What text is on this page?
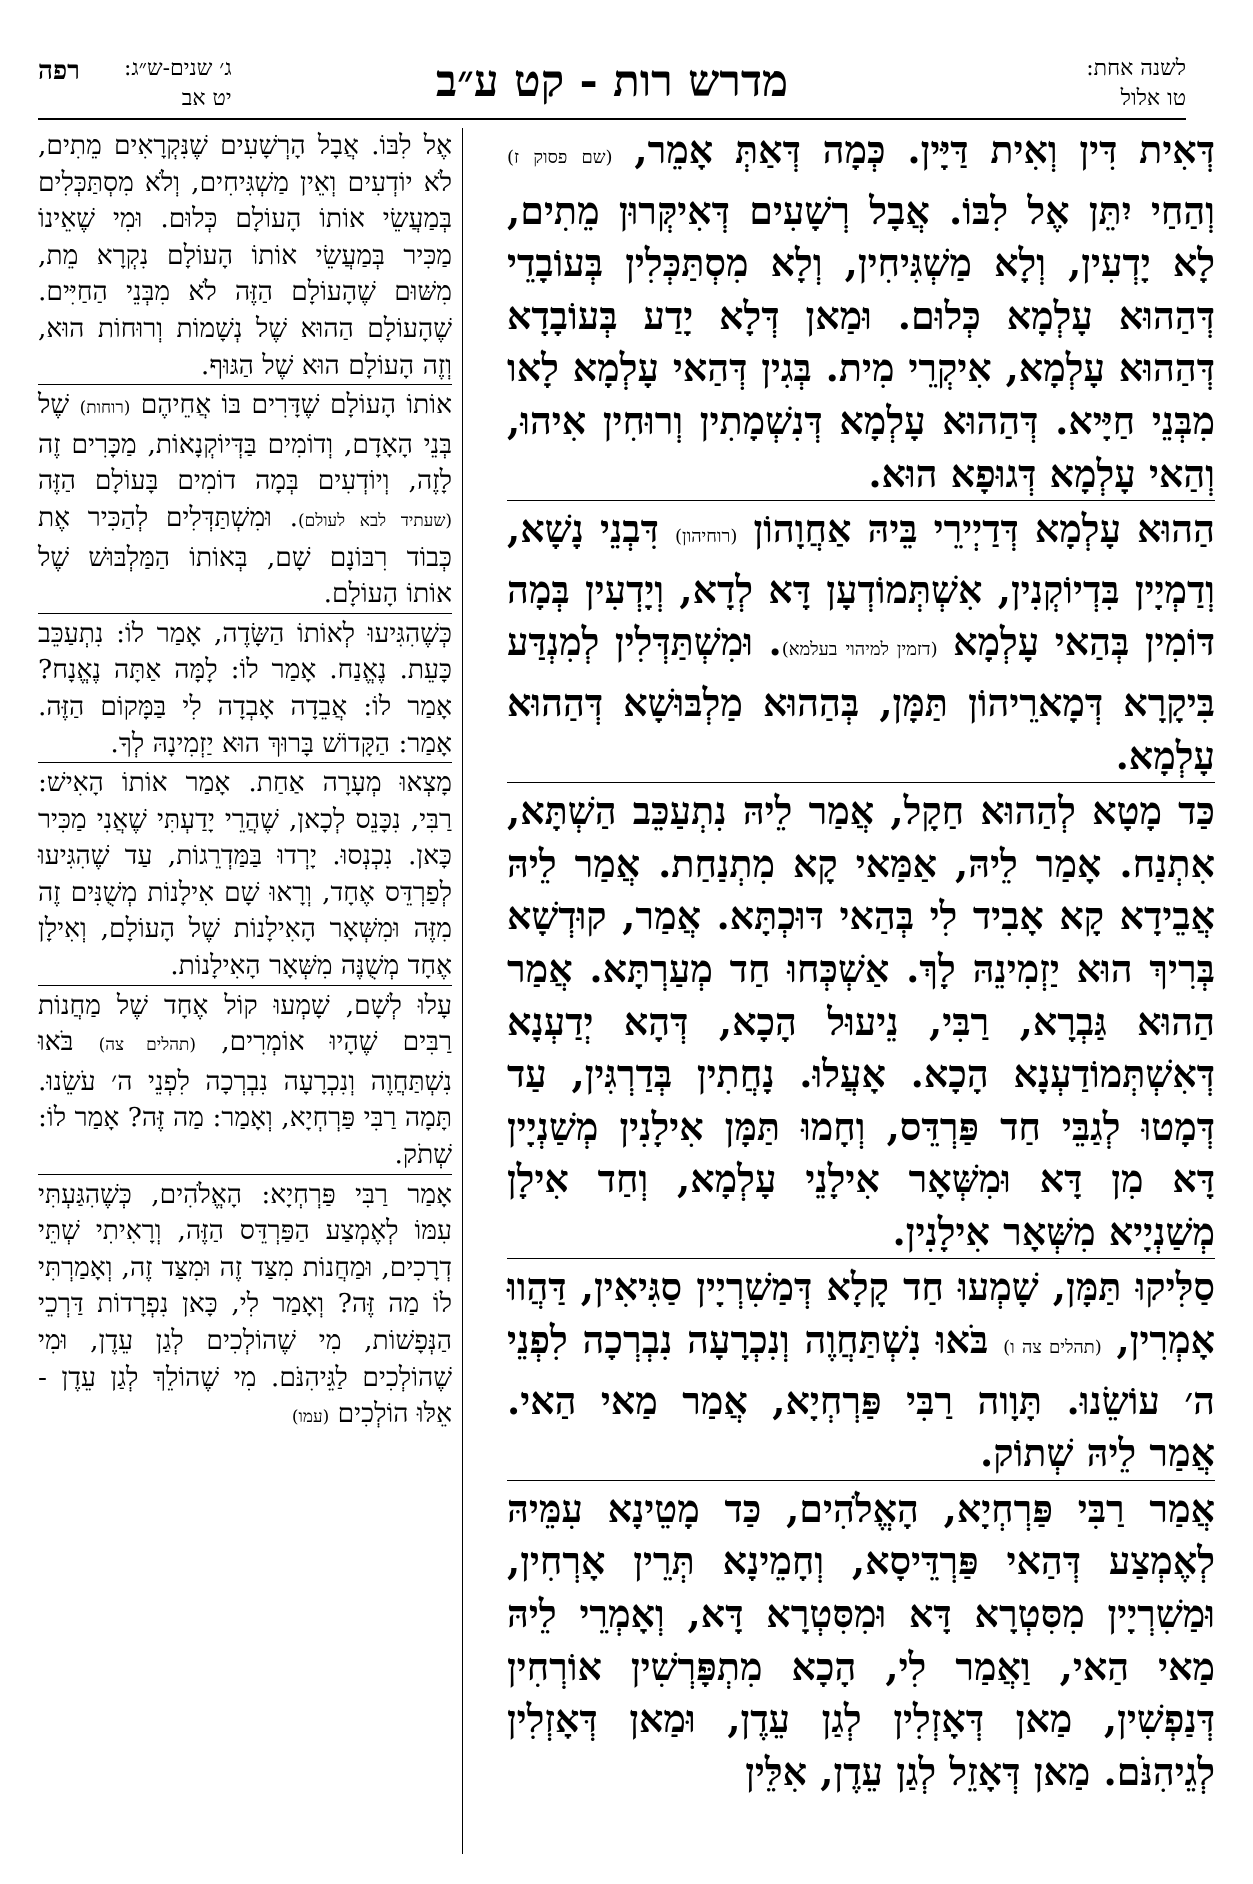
לשנה אחת:
טו אלול
מדרש רות - קט ע״ב
ג׳ שנים-ש״ג:
יט אב
רפה

דְּאִית דִּין וְאִית דַּיָּין. כְּמָה דְּאַתְּ אָמֵר, (שם פסוק ז) וְהַחַי יִתֵּן אֶל לִבּוֹ. אֲבָל רְשָׁעִים דְּאִיקְּרוּן מֵתִים, לָא יָדְעִין, וְלָא מַשְׁגִּיחִין, וְלָא מִסְתַּכְּלִין בְּעוֹבָדֵי דְּהַהוּא עָלְמָא כְּלוּם. וּמַאן דְּלָא יָדַע בְּעוֹבָדָא דְּהַהוּא עָלְמָא, אִיקְרֵי מִית. בְּגִין דְּהַאי עָלְמָא לָאו מִבְּנֵי חַיָּיא. דְּהַהוּא עָלְמָא דְּנִשְׁמָתִין וְרוּחִין אִיהוּ, וְהַאי עָלְמָא דְּגוּפָא הוּא.

הַהוּא עָלְמָא דְּדַיְירֵי בֵּיהּ אַחֲוָהוֹן (רוחיהון) דִּבְנֵי נָשָׁא, וְדַמְיָין בִּדְיוֹקְנִין, אִשְׁתְּמוֹדְעָן דָּא לְדָא, וְיָדְעִין בְּמָה דּוֹמִין בְּהַאי עָלְמָא (דזמין למיהוי בעלמא). וּמִשְׁתַּדְּלִין לְמִנְדַּע בִּיקָרָא דְּמָארֵיהוֹן תַּמָּן, בְּהַהוּא מַלְבּוּשָׁא דְּהַהוּא עָלְמָא.

כַּד מָטָא לְהַהוּא חַקָל, אֲמַר לֵיהּ נִתְעַכֵּב הַשְׁתָּא, אִתְנַח. אָמַר לֵיהּ, אַמַּאי קָא מִתְנַחַת. אֲמַר לֵיהּ אֲבֵידָא קָא אָבִיד לִי בְּהַאי דּוּכְתָּא. אֲמַר, קוּדְשָׁא בְּרִיךְ הוּא יַזְמִינֵהּ לָךְ. אַשְׁכְּחוּ חַד מְעַרְתָּא. אֲמַר הַהוּא גַּבְרָא, רַבִּי, נֵיעוּל הָכָא, דְּהָא יְדַעְנָא דְּאִשְׁתְּמוֹדַעְנָא הָכָא. אָעֲלוּ. נָחֲתִין בְּדַרְגִּין, עַד דְּמָטוּ לְגַבֵּי חַד פַּרְדֵּס, וְחָמוּ תַּמָּן אִילָנִין מְשַׁנְיָין דָּא מִן דָּא וּמִשְּׁאָר אִילָנֵי עָלְמָא, וְחַד אִילָן מְשַׁנְיָיא מִשְּׁאָר אִילָנִין.

סַלִּיקוּ תַּמָּן, שָׁמְעוּ חַד קָלָא דְּמַשִׁרְיָין סַגִּיאִין, דַּהֲווּ אָמְרִין, (תהלים צה ו) בֹּאוּ נִשְׁתַּחֲוֶה וְנִכְרָעָה נִבְרְכָה לִפְנֵי ה׳ עוֹשֵׂנוּ. תָּוָוה רַבִּי פַּרְחְיָא, אֲמַר מַאי הַאי. אֲמַר לֵיהּ שְׁתוֹק.

אֲמַר רַבִּי פַּרְחְיָא, הָאֱלֹהִים, כַּד מָטֵינָא עִמֵּיהּ לְאֶמְצַע דְּהַאי פַּרְדֵּיסָא, וְחָמֵינָא תְּרֵין אָרְחִין, וּמַשִׁרְיָין מִסִּטְרָא דָּא וּמִסִּטְרָא דָּא, וְאָמְרֵי לֵיהּ מַאי הַאי, וַאֲמַר לִי, הָכָא מִתְפָּרְשִׁין אוֹרְחִין דְּנַפְשִׁין, מַאן דְּאָזְלִין לְגַן עֵדֶן, וּמַאן דְּאָזְלִין לְגֵיהִנֹּם. מַאן דְּאָזֵל לְגַן עֵדֶן, אִלֵּין

אֶל לִבּוֹ. אֲבָל הָרְשָׁעִים שֶׁנִּקְרָאִים מֵתִים, לֹא יוֹדְעִים וְאֵין מַשְׁגִּיחִים, וְלֹא מִסְתַּכְּלִים בְּמַעֲשֵׂי אוֹתוֹ הָעוֹלָם כְּלוּם. וּמִי שֶׁאֵינוֹ מַכִּיר בְּמַעֲשֵׂי אוֹתוֹ הָעוֹלָם נִקְרָא מֵת, מִשּׁוּם שֶׁהָעוֹלָם הַזֶּה לֹא מִבְּנֵי הַחַיִּים. שֶׁהָעוֹלָם הַהוּא שֶׁל נְשָׁמוֹת וְרוּחוֹת הוּא, וְזֶה הָעוֹלָם הוּא שֶׁל הַגּוּף.

אוֹתוֹ הָעוֹלָם שֶׁדָּרִים בּוֹ אֲחֵיהֶם (רוחות) שֶׁל בְּנֵי הָאָדָם, וְדוֹמִים בַּדְּיוֹקְנָאוֹת, מַכָּרִים זֶה לָזֶה, וְיוֹדְעִים בְּמָה דוֹמִים בָּעוֹלָם הַזֶּה (שעתיד לבא לעולם). וּמִשְׁתַּדְּלִים לְהַכִּיר אֶת כְּבוֹד רִבּוֹנָם שָׁם, בְּאוֹתוֹ הַמַּלְבּוּשׁ שֶׁל אוֹתוֹ הָעוֹלָם.

כְּשֶׁהִגִּיעוּ לְאוֹתוֹ הַשָּׂדֶה, אָמַר לוֹ: נִתְעַכֵּב כָּעֵת. נֶאֱנַח. אָמַר לוֹ: לָמָּה אַתָּה נֶאֱנָח? אָמַר לוֹ: אֲבֵדָה אָבְדָה לִי בַּמָּקוֹם הַזֶּה. אָמַר: הַקָּדוֹשׁ בָּרוּךְ הוּא יַזְמִינָהּ לְךָ.

מָצְאוּ מְעָרָה אַחַת. אָמַר אוֹתוֹ הָאִישׁ: רַבִּי, נִכָּנֵס לְכָאן, שֶׁהֲרֵי יָדַעְתִּי שֶׁאֲנִי מַכִּיר כָּאן. נִכְנְסוּ. יָרְדוּ בַּמַּדְרֵגוֹת, עַד שֶׁהִגִּיעוּ לְפַרְדֵּס אֶחָד, וְרָאוּ שָׁם אִילָנוֹת מְשֻׁנִּים זֶה מִזֶּה וּמִשְּׁאָר הָאִילָנוֹת שֶׁל הָעוֹלָם, וְאִילָן אֶחָד מְשֻׁנֶּה מִשְּׁאָר הָאִילָנוֹת.

עָלוּ לְשָׁם, שָׁמְעוּ קוֹל אֶחָד שֶׁל מַחֲנוֹת רַבִּים שֶׁהָיוּ אוֹמְרִים, (תהלים צה) בֹּאוּ נִשְׁתַּחֲוֶה וְנִכְרָעָה נִבְרְכָה לִפְנֵי ה׳ עֹשֵׂנוּ. תָּמָה רַבִּי פַּרְחְיָא, וְאָמַר: מַה זֶּה? אָמַר לוֹ: שְׁתֹק.

אָמַר רַבִּי פַּרְחְיָא: הָאֱלֹהִים, כְּשֶׁהִגַּעְתִּי עִמּוֹ לְאֶמְצַע הַפַּרְדֵּס הַזֶּה, וְרָאִיתִי שְׁתֵּי דְרָכִים, וּמַחֲנוֹת מִצַּד זֶה וּמִצַּד זֶה, וְאָמַרְתִּי לוֹ מַה זֶּה? וְאָמַר לִי, כָּאן נִפְרָדוֹת דַּרְכֵי הַנְּפָשׁוֹת, מִי שֶׁהוֹלְכִים לְגַן עֵדֶן, וּמִי שֶׁהוֹלְכִים לַגֵּיהִנֹּם. מִי שֶׁהוֹלֵךְ לְגַן עֵדֶן - אֵלּוּ הוֹלְכִים (עמו)
